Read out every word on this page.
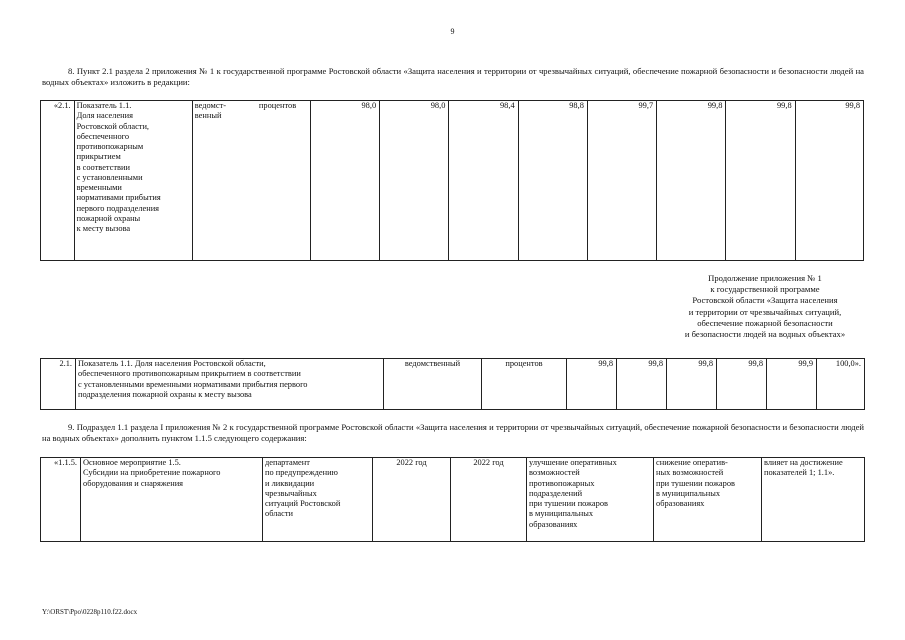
9
8. Пункт 2.1 раздела 2 приложения № 1 к государственной программе Ростовской области «Защита населения и территории от чрезвычайных ситуаций, обеспечение пожарной безопасности и безопасности людей на водных объектах» изложить в редакции:
«2.1.	Показатель 1.1.
Доля населения
Ростовской области,
обеспеченного
противопожарным
прикрытием
в соответствии
с установленными
временными
нормативами прибытия
первого подразделения
пожарной охраны
к месту вызова	ведомст-
венный	процентов	98,0	98,0	98,4	98,8	99,7	99,8	99,8	99,8
Продолжение приложения № 1
к государственной программе
Ростовской области «Защита населения
и территории от чрезвычайных ситуаций,
обеспечение пожарной безопасности
и безопасности людей на водных объектах»
2.1.	Показатель 1.1. Доля населения Ростовской области,
обеспеченного противопожарным прикрытием в соответствии
с установленными временными нормативами прибытия первого
подразделения пожарной охраны к месту вызова	ведомственный	процентов	99,8	99,8	99,8	99,8	99,9	100,0».
9. Подраздел 1.1 раздела I приложения № 2 к государственной программе Ростовской области «Защита населения и территории от чрезвычайных ситуаций, обеспечение пожарной безопасности и безопасности людей на водных объектах» дополнить пунктом 1.1.5 следующего содержания:
«1.1.5.	Основное мероприятие 1.5.
Субсидии на приобретение пожарного
оборудования и снаряжения	департамент
по предупреждению
и ликвидации
чрезвычайных
ситуаций Ростовской
области	2022 год	2022 год	улучшение оперативных
возможностей
противопожарных
подразделений
при тушении пожаров
в муниципальных
образованиях	снижение оператив-
ных возможностей
при тушении пожаров
в муниципальных
образованиях	влияет на достижение
показателей 1; 1.1».
Y:\ORST\Ppo\0228p110.f22.docx
